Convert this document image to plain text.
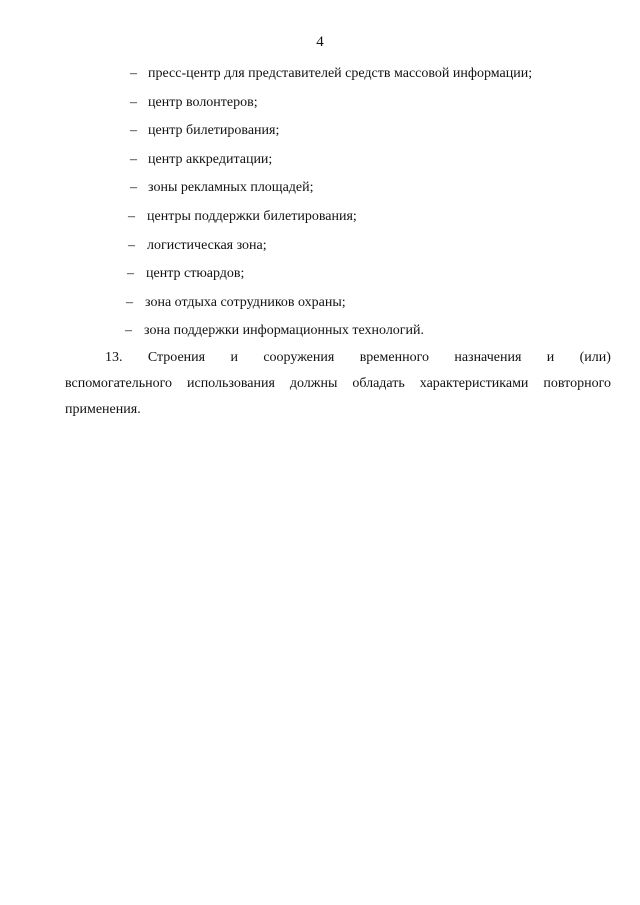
4
– пресс-центр для представителей средств массовой информации;
– центр волонтеров;
– центр билетирования;
– центр аккредитации;
– зоны рекламных площадей;
– центры поддержки билетирования;
– логистическая зона;
– центр стюардов;
– зона отдыха сотрудников охраны;
– зона поддержки информационных технологий.
13. Строения и сооружения временного назначения и (или)
вспомогательного использования должны обладать характеристиками повторного
применения.
